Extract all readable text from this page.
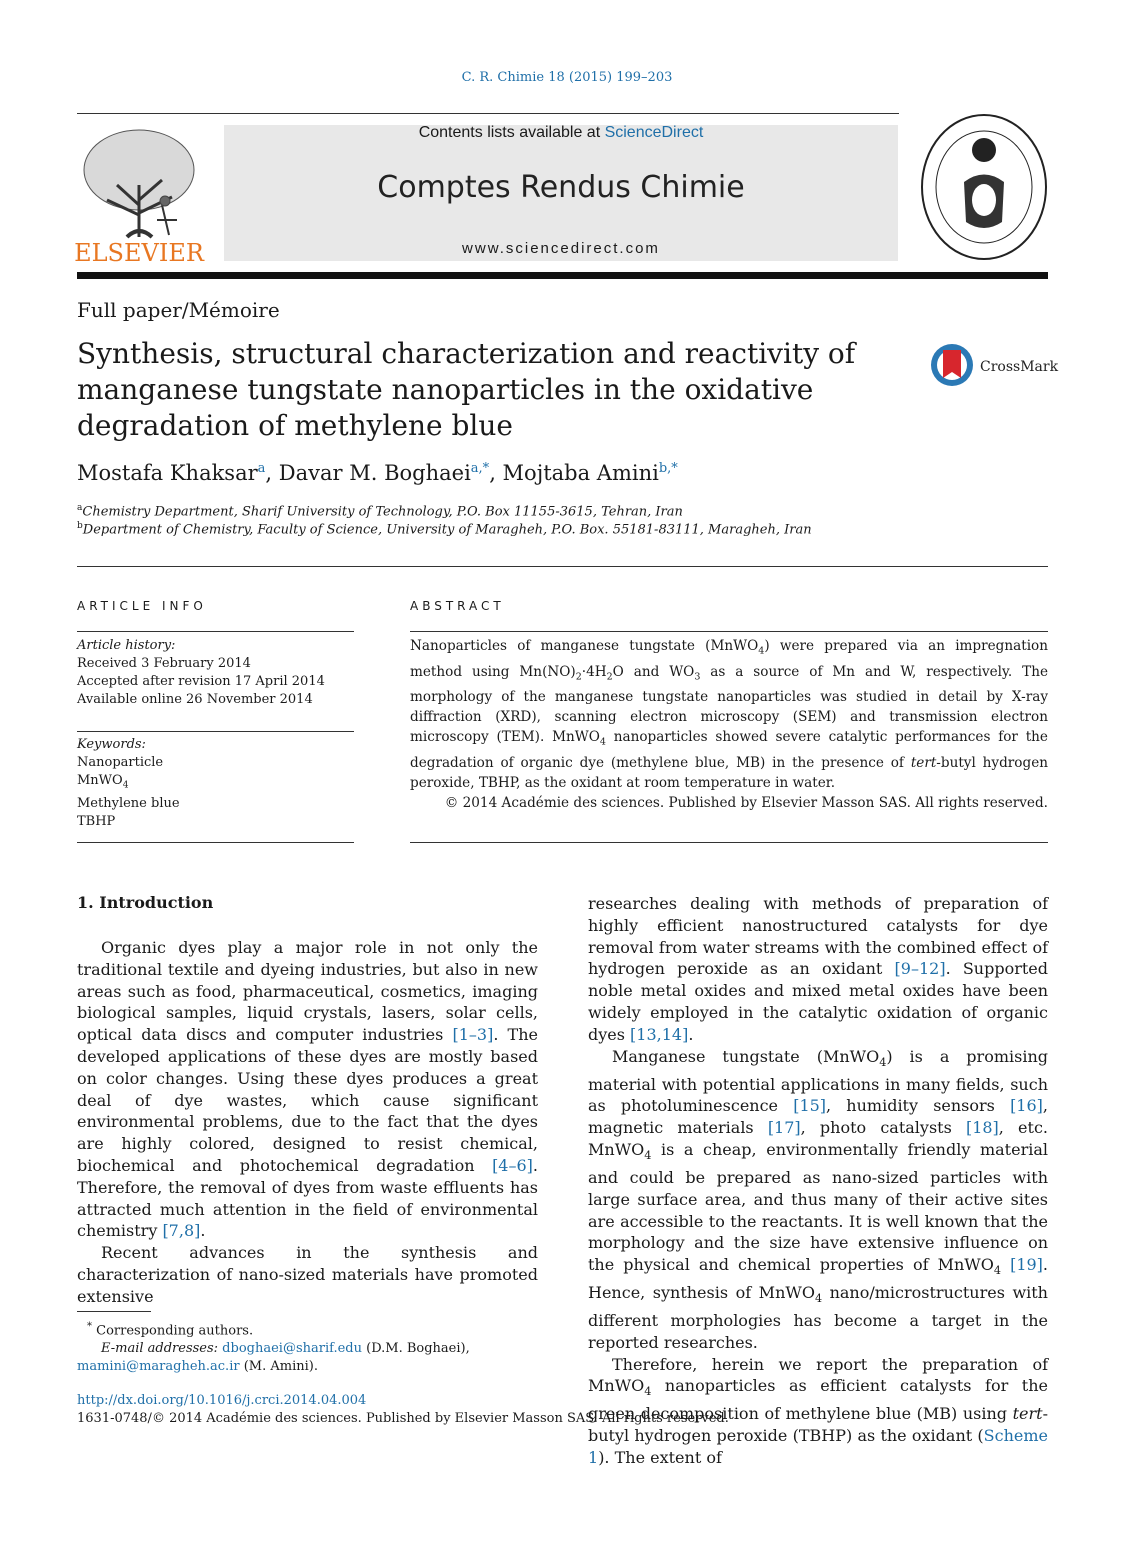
C. R. Chimie 18 (2015) 199–203
ELSEVIER
Contents lists available at ScienceDirect
Comptes Rendus Chimie
www.sciencedirect.com
Full paper/Mémoire
Synthesis, structural characterization and reactivity of manganese tungstate nanoparticles in the oxidative degradation of methylene blue
CrossMark
Mostafa Khaksar$^a$, Davar M. Boghaei$^{a,*}$, Mojtaba Amini$^{b,*}$
$^a$Chemistry Department, Sharif University of Technology, P.O. Box 11155-3615, Tehran, Iran
$^b$Department of Chemistry, Faculty of Science, University of Maragheh, P.O. Box. 55181-83111, Maragheh, Iran
ARTICLE INFO
Article history:
Received 3 February 2014
Accepted after revision 17 April 2014
Available online 26 November 2014
Keywords:
Nanoparticle
MnWO$_4$
Methylene blue
TBHP
ABSTRACT
Nanoparticles of manganese tungstate (MnWO$_4$) were prepared via an impregnation method using $Mn(NO)_2\cdot 4H_2O$ and $WO_3$ as a source of Mn and W, respectively. The morphology of the manganese tungstate nanoparticles was studied in detail by X-ray diffraction (XRD), scanning electron microscopy (SEM) and transmission electron microscopy (TEM). MnWO$_4$ nanoparticles showed severe catalytic performances for the degradation of organic dye (methylene blue, MB) in the presence of tert-butyl hydrogen peroxide, TBHP, as the oxidant at room temperature in water.
© 2014 Académie des sciences. Published by Elsevier Masson SAS. All rights reserved.
1. Introduction

Organic dyes play a major role in not only the traditional textile and dyeing industries, but also in new areas such as food, pharmaceutical, cosmetics, imaging biological samples, liquid crystals, lasers, solar cells, optical data discs and computer industries [1–3]. The developed applications of these dyes are mostly based on color changes. Using these dyes produces a great deal of dye wastes, which cause significant environmental problems, due to the fact that the dyes are highly colored, designed to resist chemical, biochemical and photochemical degradation [4–6]. Therefore, the removal of dyes from waste effluents has attracted much attention in the field of environmental chemistry [7,8].

Recent advances in the synthesis and characterization of nano-sized materials have promoted extensive

researches dealing with methods of preparation of highly efficient nanostructured catalysts for dye removal from water streams with the combined effect of hydrogen peroxide as an oxidant [9–12]. Supported noble metal oxides and mixed metal oxides have been widely employed in the catalytic oxidation of organic dyes [13,14].

Manganese tungstate (MnWO$_4$) is a promising material with potential applications in many fields, such as photoluminescence [15], humidity sensors [16], magnetic materials [17], photo catalysts [18], etc. MnWO$_4$ is a cheap, environmentally friendly material and could be prepared as nano-sized particles with large surface area, and thus many of their active sites are accessible to the reactants. It is well known that the morphology and the size have extensive influence on the physical and chemical properties of MnWO$_4$ [19]. Hence, synthesis of MnWO$_4$ nano/microstructures with different morphologies has become a target in the reported researches.

Therefore, herein we report the preparation of MnWO$_4$ nanoparticles as efficient catalysts for the green decomposition of methylene blue (MB) using tert-butyl hydrogen peroxide (TBHP) as the oxidant (Scheme 1). The extent of

* Corresponding authors.
E-mail addresses: dboghaei@sharif.edu (D.M. Boghaei),
mamini@maragheh.ac.ir (M. Amini).
http://dx.doi.org/10.1016/j.crci.2014.04.004
1631-0748/© 2014 Académie des sciences. Published by Elsevier Masson SAS. All rights reserved.
